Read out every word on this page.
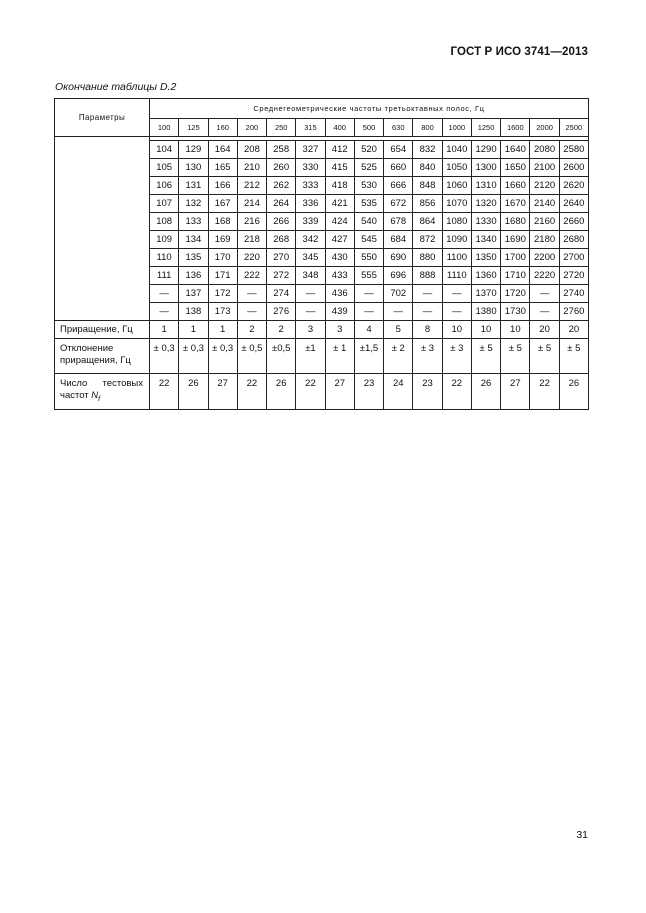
ГОСТ Р ИСО 3741—2013
Окончание таблицы D.2
Параметры	Среднегеометрические частоты третьоктавных полос, Гц														
	100	125	160	200	250	315	400	500	630	800	1000	1250	1600	2000	2500

	104	129	164	208	258	327	412	520	654	832	1040	1290	1640	2080	2580
	105	130	165	210	260	330	415	525	660	840	1050	1300	1650	2100	2600
	106	131	166	212	262	333	418	530	666	848	1060	1310	1660	2120	2620
	107	132	167	214	264	336	421	535	672	856	1070	1320	1670	2140	2640
	108	133	168	216	266	339	424	540	678	864	1080	1330	1680	2160	2660
	109	134	169	218	268	342	427	545	684	872	1090	1340	1690	2180	2680
	110	135	170	220	270	345	430	550	690	880	1100	1350	1700	2200	2700
	111	136	171	222	272	348	433	555	696	888	1110	1360	1710	2220	2720
	—	137	172	—	274	—	436	—	702	—	—	1370	1720	—	2740
	—	138	173	—	276	—	439	—	—	—	—	1380	1730	—	2760
Приращение, Гц	1	1	1	2	2	3	3	4	5	8	10	10	10	20	20
Отклонение приращения, Гц	± 0,3	± 0,3	± 0,3	± 0,5	±0,5	±1	± 1	±1,5	± 2	± 3	± 3	± 5	± 5	± 5	± 5
Число тестовых частот $N_f$	22	26	27	22	26	22	27	23	24	23	22	26	27	22	26
31
